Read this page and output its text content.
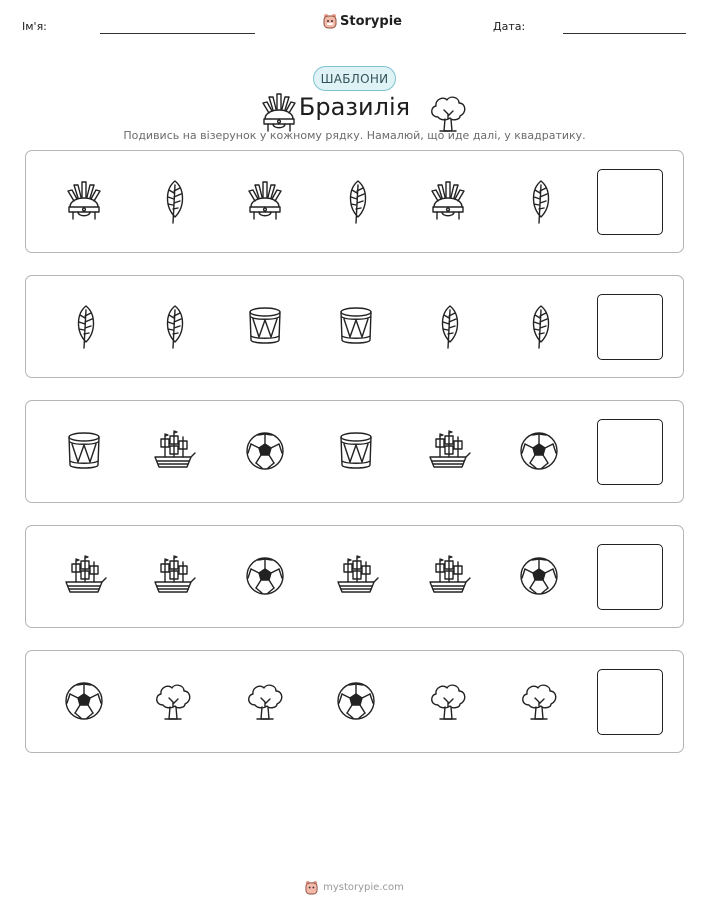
Ім'я:	Дата:
Storypie
ШАБЛОНИ
Бразилія
Подивись на візерунок у кожному рядку. Намалюй, що йде далі, у квадратику.
mystorypie.com
